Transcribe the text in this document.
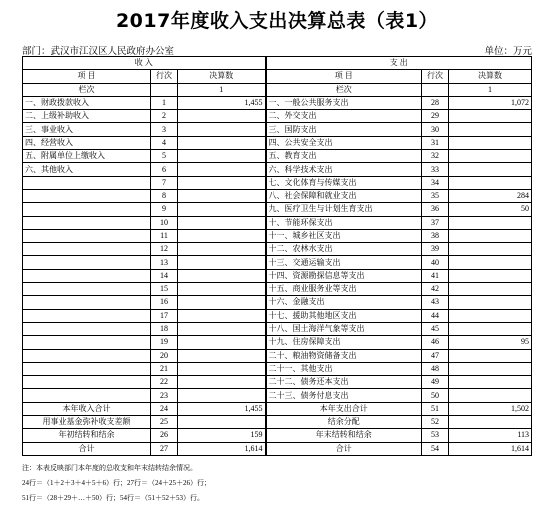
2017年度收入支出决算总表（表1）
部门：武汉市江汉区人民政府办公室	单位：万元
收 入			支 出		
项 目	行次	决算数	项 目	行次	决算数
栏次		1	栏次		1
一、财政拨款收入	1	1,455	一、一般公共服务支出	28	1,072
二、上级补助收入	2		二、外交支出	29	
三、事业收入	3		三、国防支出	30	
四、经营收入	4		四、公共安全支出	31	
五、附属单位上缴收入	5		五、教育支出	32	
六、其他收入	6		六、科学技术支出	33	
	7		七、文化体育与传媒支出	34	
	8		八、社会保障和就业支出	35	284
	9		九、医疗卫生与计划生育支出	36	50
	10		十、节能环保支出	37	
	11		十一、城乡社区支出	38	
	12		十二、农林水支出	39	
	13		十三、交通运输支出	40	
	14		十四、资源勘探信息等支出	41	
	15		十五、商业服务业等支出	42	
	16		十六、金融支出	43	
	17		十七、援助其他地区支出	44	
	18		十八、国土海洋气象等支出	45	
	19		十九、住房保障支出	46	95
	20		二十、粮油物资储备支出	47	
	21		二十一、其他支出	48	
	22		二十二、债务还本支出	49	
	23		二十三、债务付息支出	50	
本年收入合计	24	1,455	本年支出合计	51	1,502
用事业基金弥补收支差额	25		结余分配	52	
年初结转和结余	26	159	年末结转和结余	53	113
合计	27	1,614	合计	54	1,614
注：本表反映部门本年度的总收支和年末结转结余情况。
24行＝（1＋2＋3＋4＋5＋6）行；27行＝（24＋25＋26）行；
51行＝（28＋29＋…＋50）行；54行＝（51＋52＋53）行。
